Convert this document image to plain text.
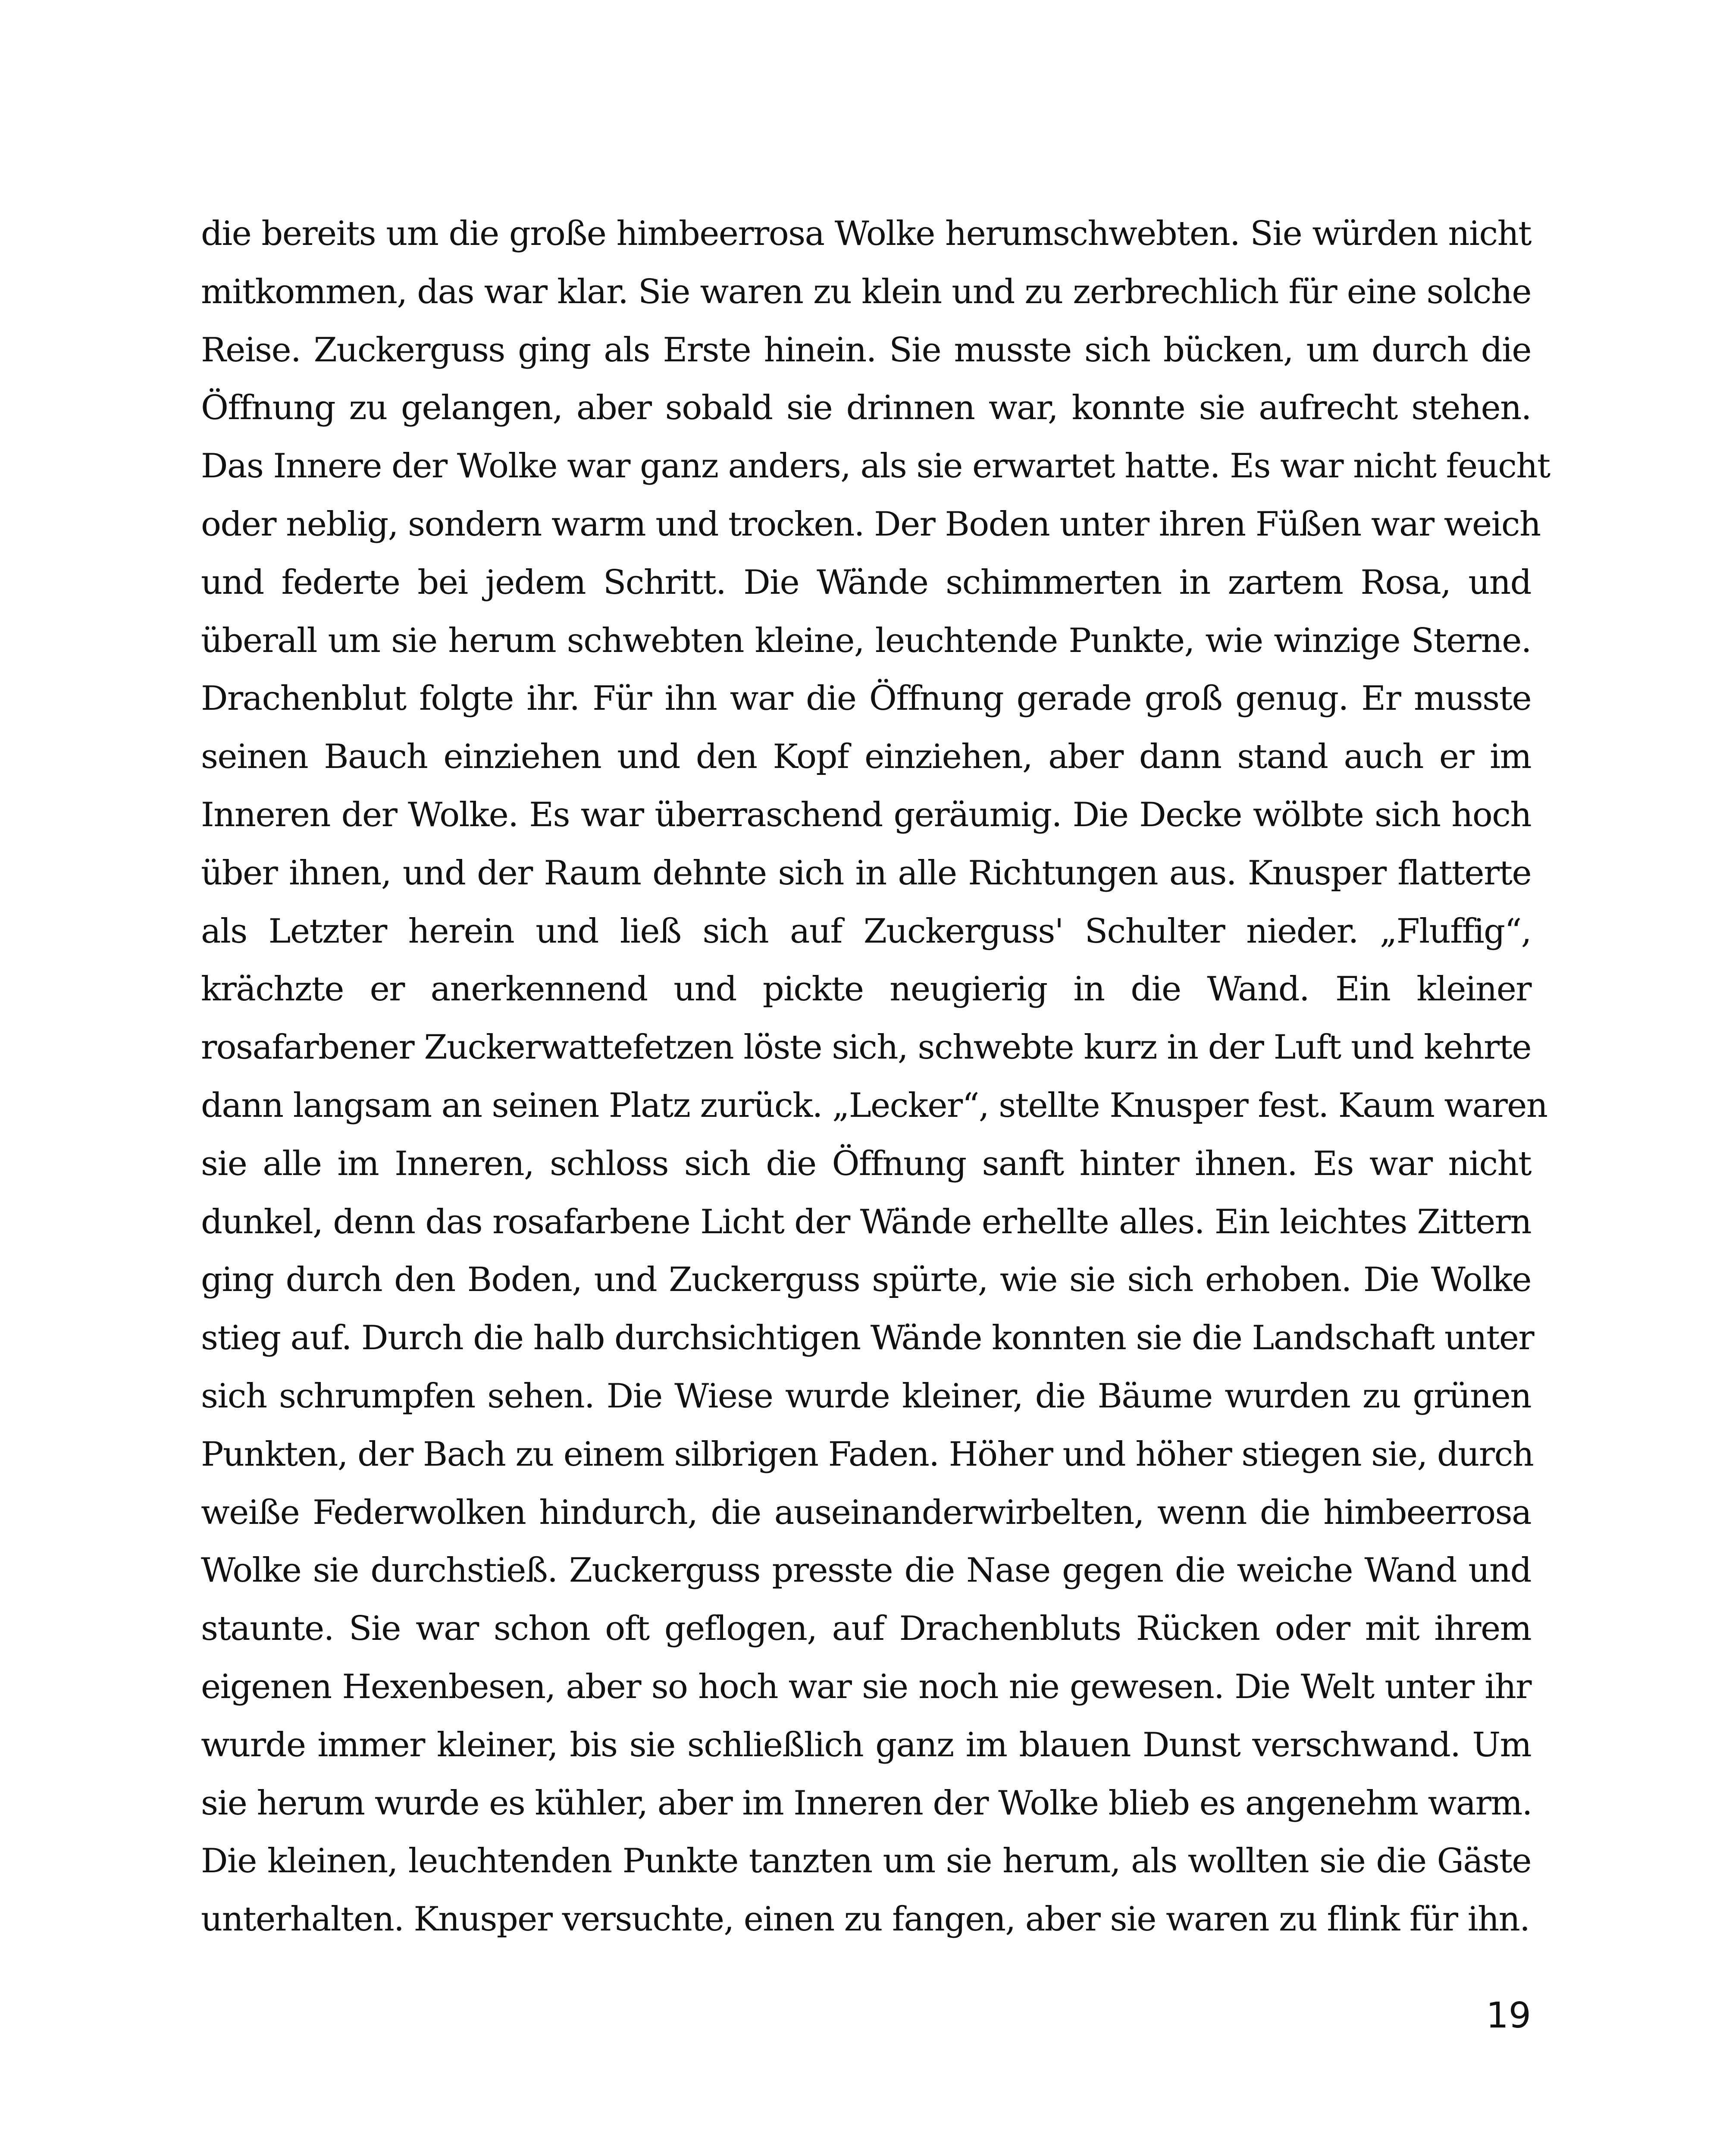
die bereits um die große himbeerrosa Wolke herumschwebten. Sie würden nicht
mitkommen, das war klar. Sie waren zu klein und zu zerbrechlich für eine solche
Reise. Zuckerguss ging als Erste hinein. Sie musste sich bücken, um durch die
Öffnung zu gelangen, aber sobald sie drinnen war, konnte sie aufrecht stehen.
Das Innere der Wolke war ganz anders, als sie erwartet hatte. Es war nicht feucht
oder neblig, sondern warm und trocken. Der Boden unter ihren Füßen war weich
und federte bei jedem Schritt. Die Wände schimmerten in zartem Rosa, und
überall um sie herum schwebten kleine, leuchtende Punkte, wie winzige Sterne.
Drachenblut folgte ihr. Für ihn war die Öffnung gerade groß genug. Er musste
seinen Bauch einziehen und den Kopf einziehen, aber dann stand auch er im
Inneren der Wolke. Es war überraschend geräumig. Die Decke wölbte sich hoch
über ihnen, und der Raum dehnte sich in alle Richtungen aus. Knusper flatterte
als Letzter herein und ließ sich auf Zuckerguss' Schulter nieder. „Fluffig“,
krächzte er anerkennend und pickte neugierig in die Wand. Ein kleiner
rosafarbener Zuckerwattefetzen löste sich, schwebte kurz in der Luft und kehrte
dann langsam an seinen Platz zurück. „Lecker“, stellte Knusper fest. Kaum waren
sie alle im Inneren, schloss sich die Öffnung sanft hinter ihnen. Es war nicht
dunkel, denn das rosafarbene Licht der Wände erhellte alles. Ein leichtes Zittern
ging durch den Boden, und Zuckerguss spürte, wie sie sich erhoben. Die Wolke
stieg auf. Durch die halb durchsichtigen Wände konnten sie die Landschaft unter
sich schrumpfen sehen. Die Wiese wurde kleiner, die Bäume wurden zu grünen
Punkten, der Bach zu einem silbrigen Faden. Höher und höher stiegen sie, durch
weiße Federwolken hindurch, die auseinanderwirbelten, wenn die himbeerrosa
Wolke sie durchstieß. Zuckerguss presste die Nase gegen die weiche Wand und
staunte. Sie war schon oft geflogen, auf Drachenbluts Rücken oder mit ihrem
eigenen Hexenbesen, aber so hoch war sie noch nie gewesen. Die Welt unter ihr
wurde immer kleiner, bis sie schließlich ganz im blauen Dunst verschwand. Um
sie herum wurde es kühler, aber im Inneren der Wolke blieb es angenehm warm.
Die kleinen, leuchtenden Punkte tanzten um sie herum, als wollten sie die Gäste
unterhalten. Knusper versuchte, einen zu fangen, aber sie waren zu flink für ihn.
19
